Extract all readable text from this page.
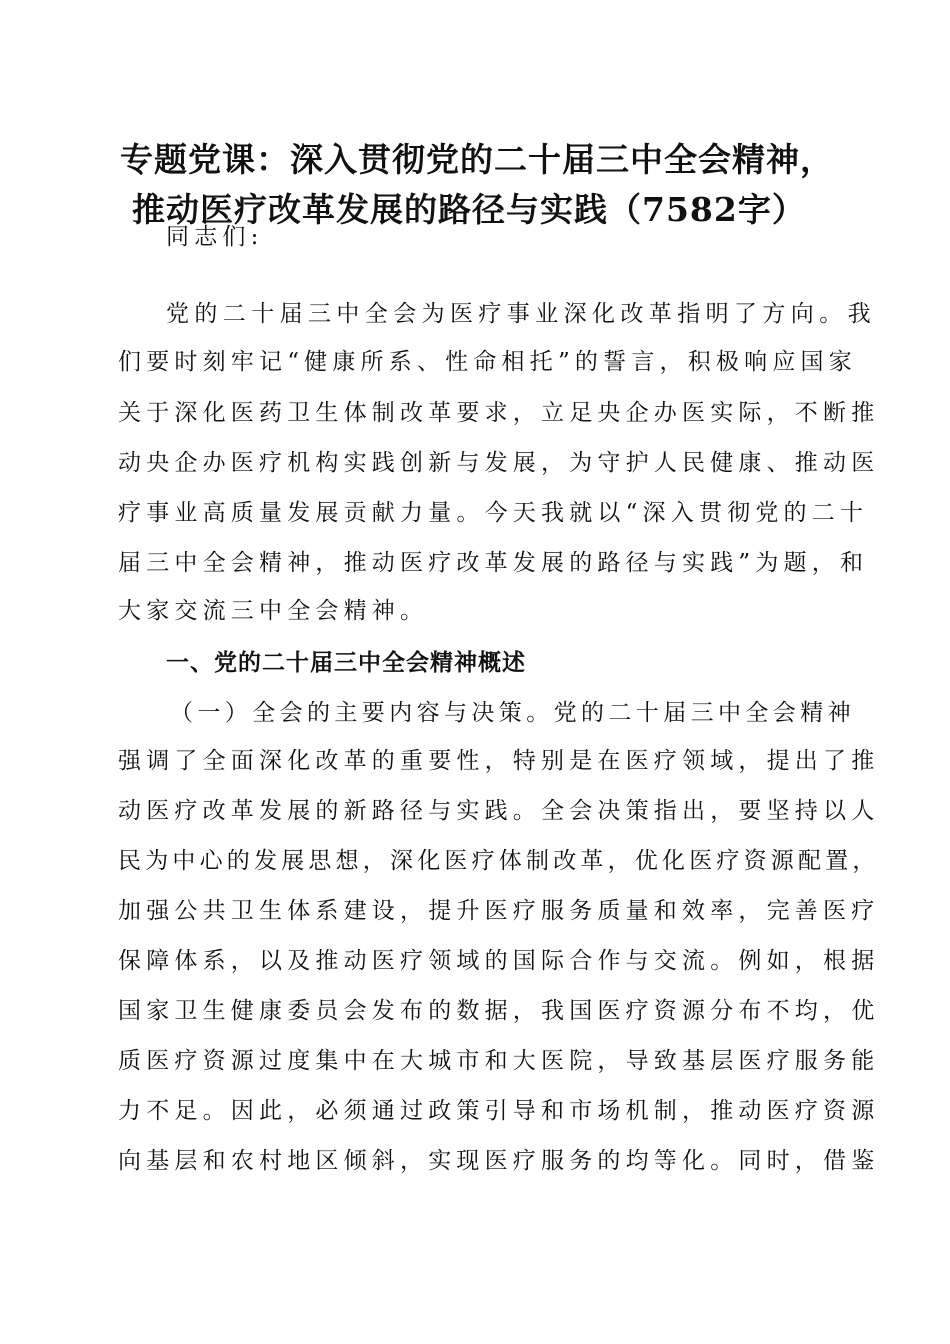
专题党课：深入贯彻党的二十届三中全会精神，
推动医疗改革发展的路径与实践（7582字）
同志们:
党的二十届三中全会为医疗事业深化改革指明了方向。我
们要时刻牢记“健康所系、性命相托”的誓言，积极响应国家
关于深化医药卫生体制改革要求，立足央企办医实际，不断推
动央企办医疗机构实践创新与发展，为守护人民健康、推动医
疗事业高质量发展贡献力量。今天我就以“深入贯彻党的二十
届三中全会精神，推动医疗改革发展的路径与实践”为题，和
大家交流三中全会精神。
一、党的二十届三中全会精神概述
（一）全会的主要内容与决策。党的二十届三中全会精神
强调了全面深化改革的重要性，特别是在医疗领域，提出了推
动医疗改革发展的新路径与实践。全会决策指出，要坚持以人
民为中心的发展思想，深化医疗体制改革，优化医疗资源配置，
加强公共卫生体系建设，提升医疗服务质量和效率，完善医疗
保障体系，以及推动医疗领域的国际合作与交流。例如，根据
国家卫生健康委员会发布的数据，我国医疗资源分布不均，优
质医疗资源过度集中在大城市和大医院，导致基层医疗服务能
力不足。因此，必须通过政策引导和市场机制，推动医疗资源
向基层和农村地区倾斜，实现医疗服务的均等化。同时，借鉴
